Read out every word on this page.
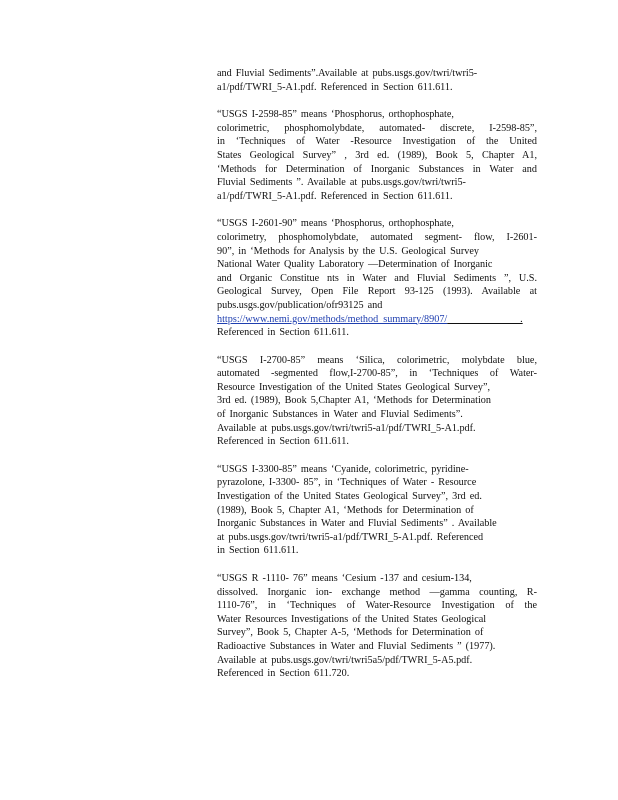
and Fluvial Sediments”.Available at pubs.usgs.gov/twri/twri5-
a1/pdf/TWRI_5-A1.pdf. Referenced in Section 611.611.

“USGS I-2598-85” means ‘Phosphorus, orthophosphate,
colorimetric, phosphomolybdate, automated- discrete, I-2598-85”,
in ‘Techniques of Water -Resource Investigation of the United
States Geological Survey” , 3rd ed. (1989), Book 5, Chapter A1,
‘Methods for Determination of Inorganic Substances in Water and
Fluvial Sediments ”. Available at pubs.usgs.gov/twri/twri5-
a1/pdf/TWRI_5-A1.pdf. Referenced in Section 611.611.

“USGS I-2601-90” means ‘Phosphorus, orthophosphate,
colorimetry, phosphomolybdate, automated segment- flow, I-2601-
90”, in ‘Methods for Analysis by the U.S. Geological Survey
National Water Quality Laboratory —Determination of Inorganic
and Organic Constitue nts in Water and Fluvial Sediments ”, U.S.
Geological Survey, Open File Report 93-125 (1993). Available at
pubs.usgs.gov/publication/ofr93125 and
https://www.nemi.gov/methods/method_summary/8907/                  .
Referenced in Section 611.611.

“USGS I-2700-85” means ‘Silica, colorimetric, molybdate blue,
automated -segmented flow,I-2700-85”, in ‘Techniques of Water-
Resource Investigation of the United States Geological Survey”,
3rd ed. (1989), Book 5,Chapter A1, ‘Methods for Determination
of Inorganic Substances in Water and Fluvial Sediments”.
Available at pubs.usgs.gov/twri/twri5-a1/pdf/TWRI_5-A1.pdf.
Referenced in Section 611.611.

“USGS I-3300-85” means ‘Cyanide, colorimetric, pyridine-
pyrazolone, I-3300- 85”, in ‘Techniques of Water - Resource
Investigation of the United States Geological Survey”, 3rd ed.
(1989), Book 5, Chapter A1, ‘Methods for Determination of
Inorganic Substances in Water and Fluvial Sediments” . Available
at pubs.usgs.gov/twri/twri5-a1/pdf/TWRI_5-A1.pdf. Referenced
in Section 611.611.

“USGS R -1110- 76” means ‘Cesium -137 and cesium-134,
dissolved. Inorganic ion- exchange method —gamma counting, R-
1110-76”, in ‘Techniques of Water-Resource Investigation of the
Water Resources Investigations of the United States Geological
Survey”, Book 5, Chapter A-5, ‘Methods for Determination of
Radioactive Substances in Water and Fluvial Sediments ” (1977).
Available at pubs.usgs.gov/twri/twri5a5/pdf/TWRI_5-A5.pdf.
Referenced in Section 611.720.
